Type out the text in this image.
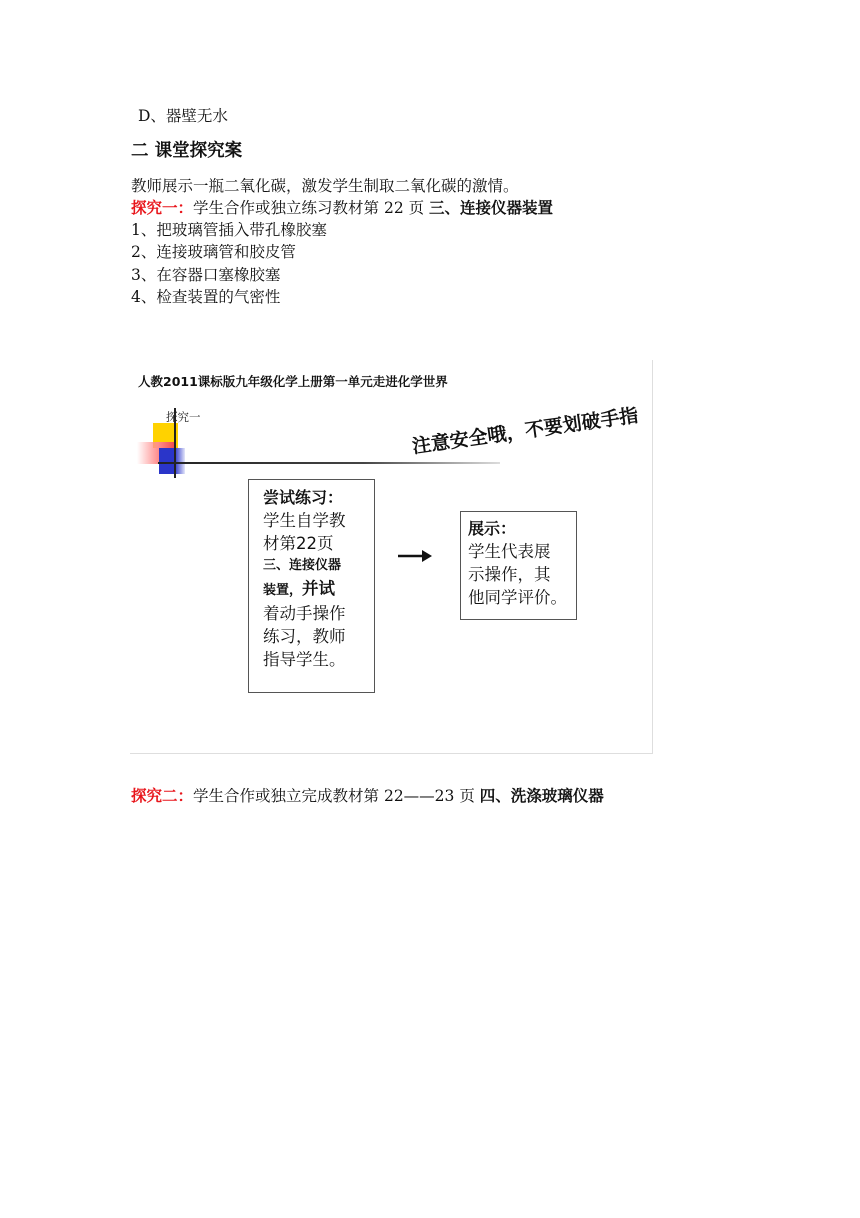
D、器壁无水
二 课堂探究案
教师展示一瓶二氧化碳，激发学生制取二氧化碳的激情。
探究一：学生合作或独立练习教材第 22 页 三、连接仪器装置
1、把玻璃管插入带孔橡胶塞
2、连接玻璃管和胶皮管
3、在容器口塞橡胶塞
4、检查装置的气密性
人教2011课标版九年级化学上册第一单元走进化学世界
探究一	注意安全哦，不要划破手指
尝试练习：
学生自学教
材第22页
三、连接仪器
装置，并试
着动手操作
练习，教师
指导学生。
展示：
学生代表展
示操作，其
他同学评价。
探究二：学生合作或独立完成教材第 22——23 页 四、洗涤玻璃仪器
